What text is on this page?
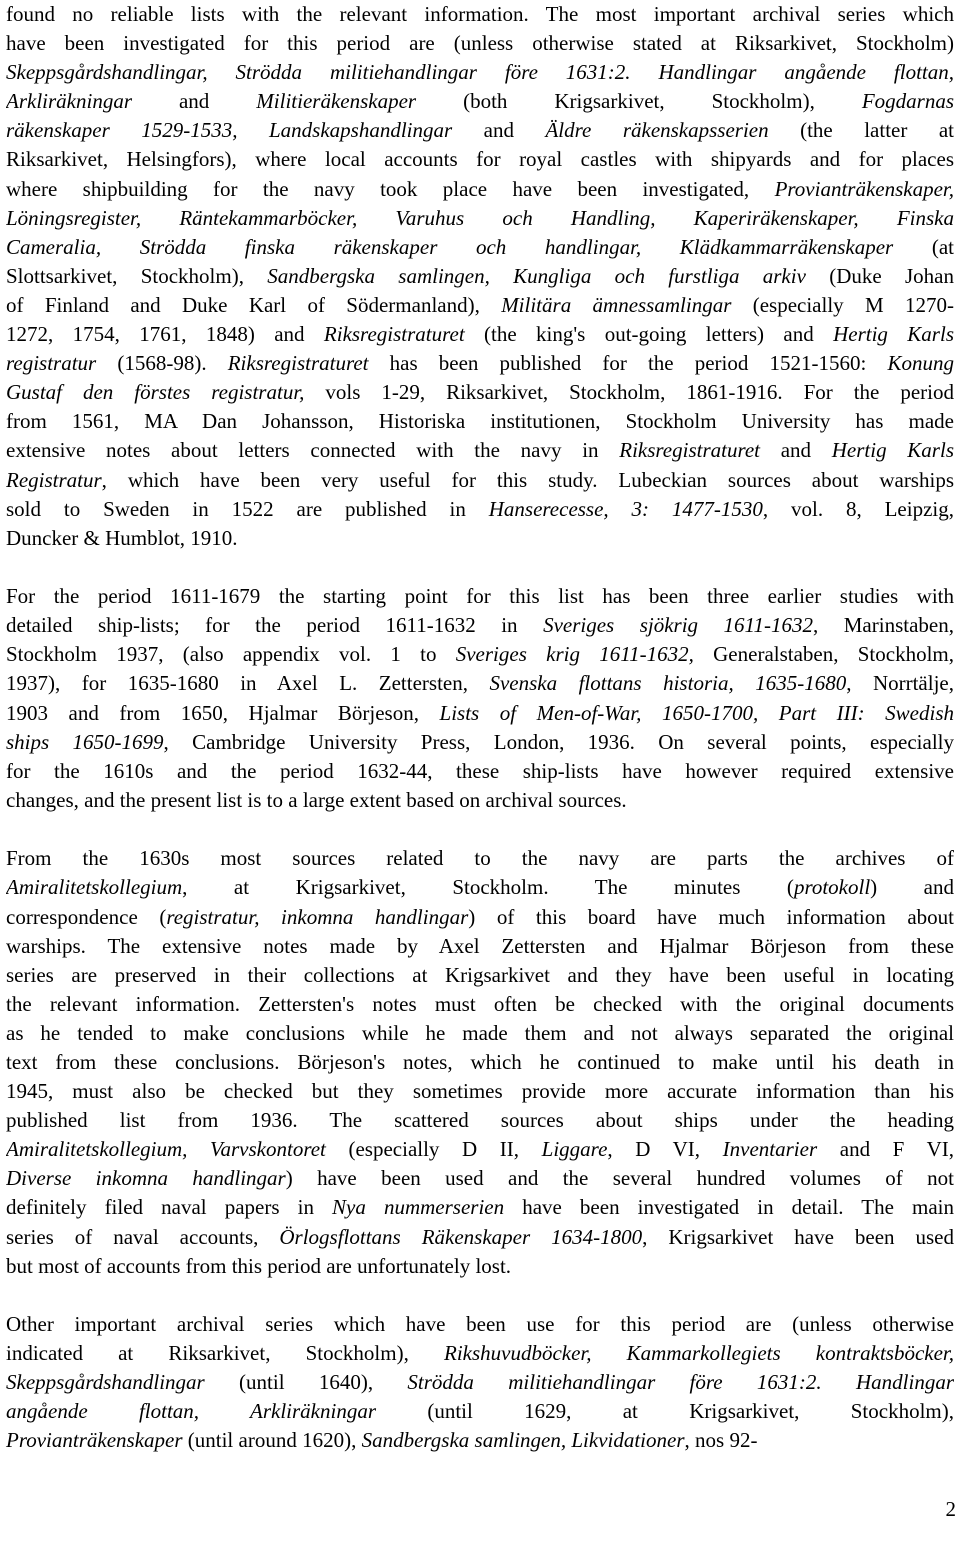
found no reliable lists with the relevant information. The most important archival series which
have been investigated for this period are (unless otherwise stated at Riksarkivet, Stockholm)
Skeppsgårdshandlingar, Strödda militiehandlingar före 1631:2. Handlingar angående flottan,
Arkliräkningar and Militieräkenskaper (both Krigsarkivet, Stockholm), Fogdarnas
räkenskaper 1529-1533, Landskapshandlingar and Äldre räkenskapsserien (the latter at
Riksarkivet, Helsingfors), where local accounts for royal castles with shipyards and for places
where shipbuilding for the navy took place have been investigated, Provianträkenskaper,
Löningsregister, Räntekammarböcker, Varuhus och Handling, Kaperiräkenskaper, Finska
Cameralia, Strödda finska räkenskaper och handlingar, Klädkammarräkenskaper (at
Slottsarkivet, Stockholm), Sandbergska samlingen, Kungliga och furstliga arkiv (Duke Johan
of Finland and Duke Karl of Södermanland), Militära ämnessamlingar (especially M 1270-
1272, 1754, 1761, 1848) and Riksregistraturet (the king's out-going letters) and Hertig Karls
registratur (1568-98). Riksregistraturet has been published for the period 1521-1560: Konung
Gustaf den förstes registratur, vols 1-29, Riksarkivet, Stockholm, 1861-1916. For the period
from 1561, MA Dan Johansson, Historiska institutionen, Stockholm University has made
extensive notes about letters connected with the navy in Riksregistraturet and Hertig Karls
Registratur, which have been very useful for this study. Lubeckian sources about warships
sold to Sweden in 1522 are published in Hanserecesse, 3: 1477-1530, vol. 8, Leipzig,
Duncker & Humblot, 1910.
For the period 1611-1679 the starting point for this list has been three earlier studies with
detailed ship-lists; for the period 1611-1632 in Sveriges sjökrig 1611-1632, Marinstaben,
Stockholm 1937, (also appendix vol. 1 to Sveriges krig 1611-1632, Generalstaben, Stockholm,
1937), for 1635-1680 in Axel L. Zettersten, Svenska flottans historia, 1635-1680, Norrtälje,
1903 and from 1650, Hjalmar Börjeson, Lists of Men-of-War, 1650-1700, Part III: Swedish
ships 1650-1699, Cambridge University Press, London, 1936. On several points, especially
for the 1610s and the period 1632-44, these ship-lists have however required extensive
changes, and the present list is to a large extent based on archival sources.
From the 1630s most sources related to the navy are parts the archives of
Amiralitetskollegium, at Krigsarkivet, Stockholm. The minutes (protokoll) and
correspondence (registratur, inkomna handlingar) of this board have much information about
warships. The extensive notes made by Axel Zettersten and Hjalmar Börjeson from these
series are preserved in their collections at Krigsarkivet and they have been useful in locating
the relevant information. Zettersten's notes must often be checked with the original documents
as he tended to make conclusions while he made them and not always separated the original
text from these conclusions. Börjeson's notes, which he continued to make until his death in
1945, must also be checked but they sometimes provide more accurate information than his
published list from 1936. The scattered sources about ships under the heading
Amiralitetskollegium, Varvskontoret (especially D II, Liggare, D VI, Inventarier and F VI,
Diverse inkomna handlingar) have been used and the several hundred volumes of not
definitely filed naval papers in Nya nummerserien have been investigated in detail. The main
series of naval accounts, Örlogsflottans Räkenskaper 1634-1800, Krigsarkivet have been used
but most of accounts from this period are unfortunately lost.
Other important archival series which have been use for this period are (unless otherwise
indicated at Riksarkivet, Stockholm), Rikshuvudböcker, Kammarkollegiets kontraktsböcker,
Skeppsgårdshandlingar (until 1640), Strödda militiehandlingar före 1631:2. Handlingar
angående flottan, Arkliräkningar (until 1629, at Krigsarkivet, Stockholm),
Provianträkenskaper (until around 1620), Sandbergska samlingen, Likvidationer, nos 92-
2
